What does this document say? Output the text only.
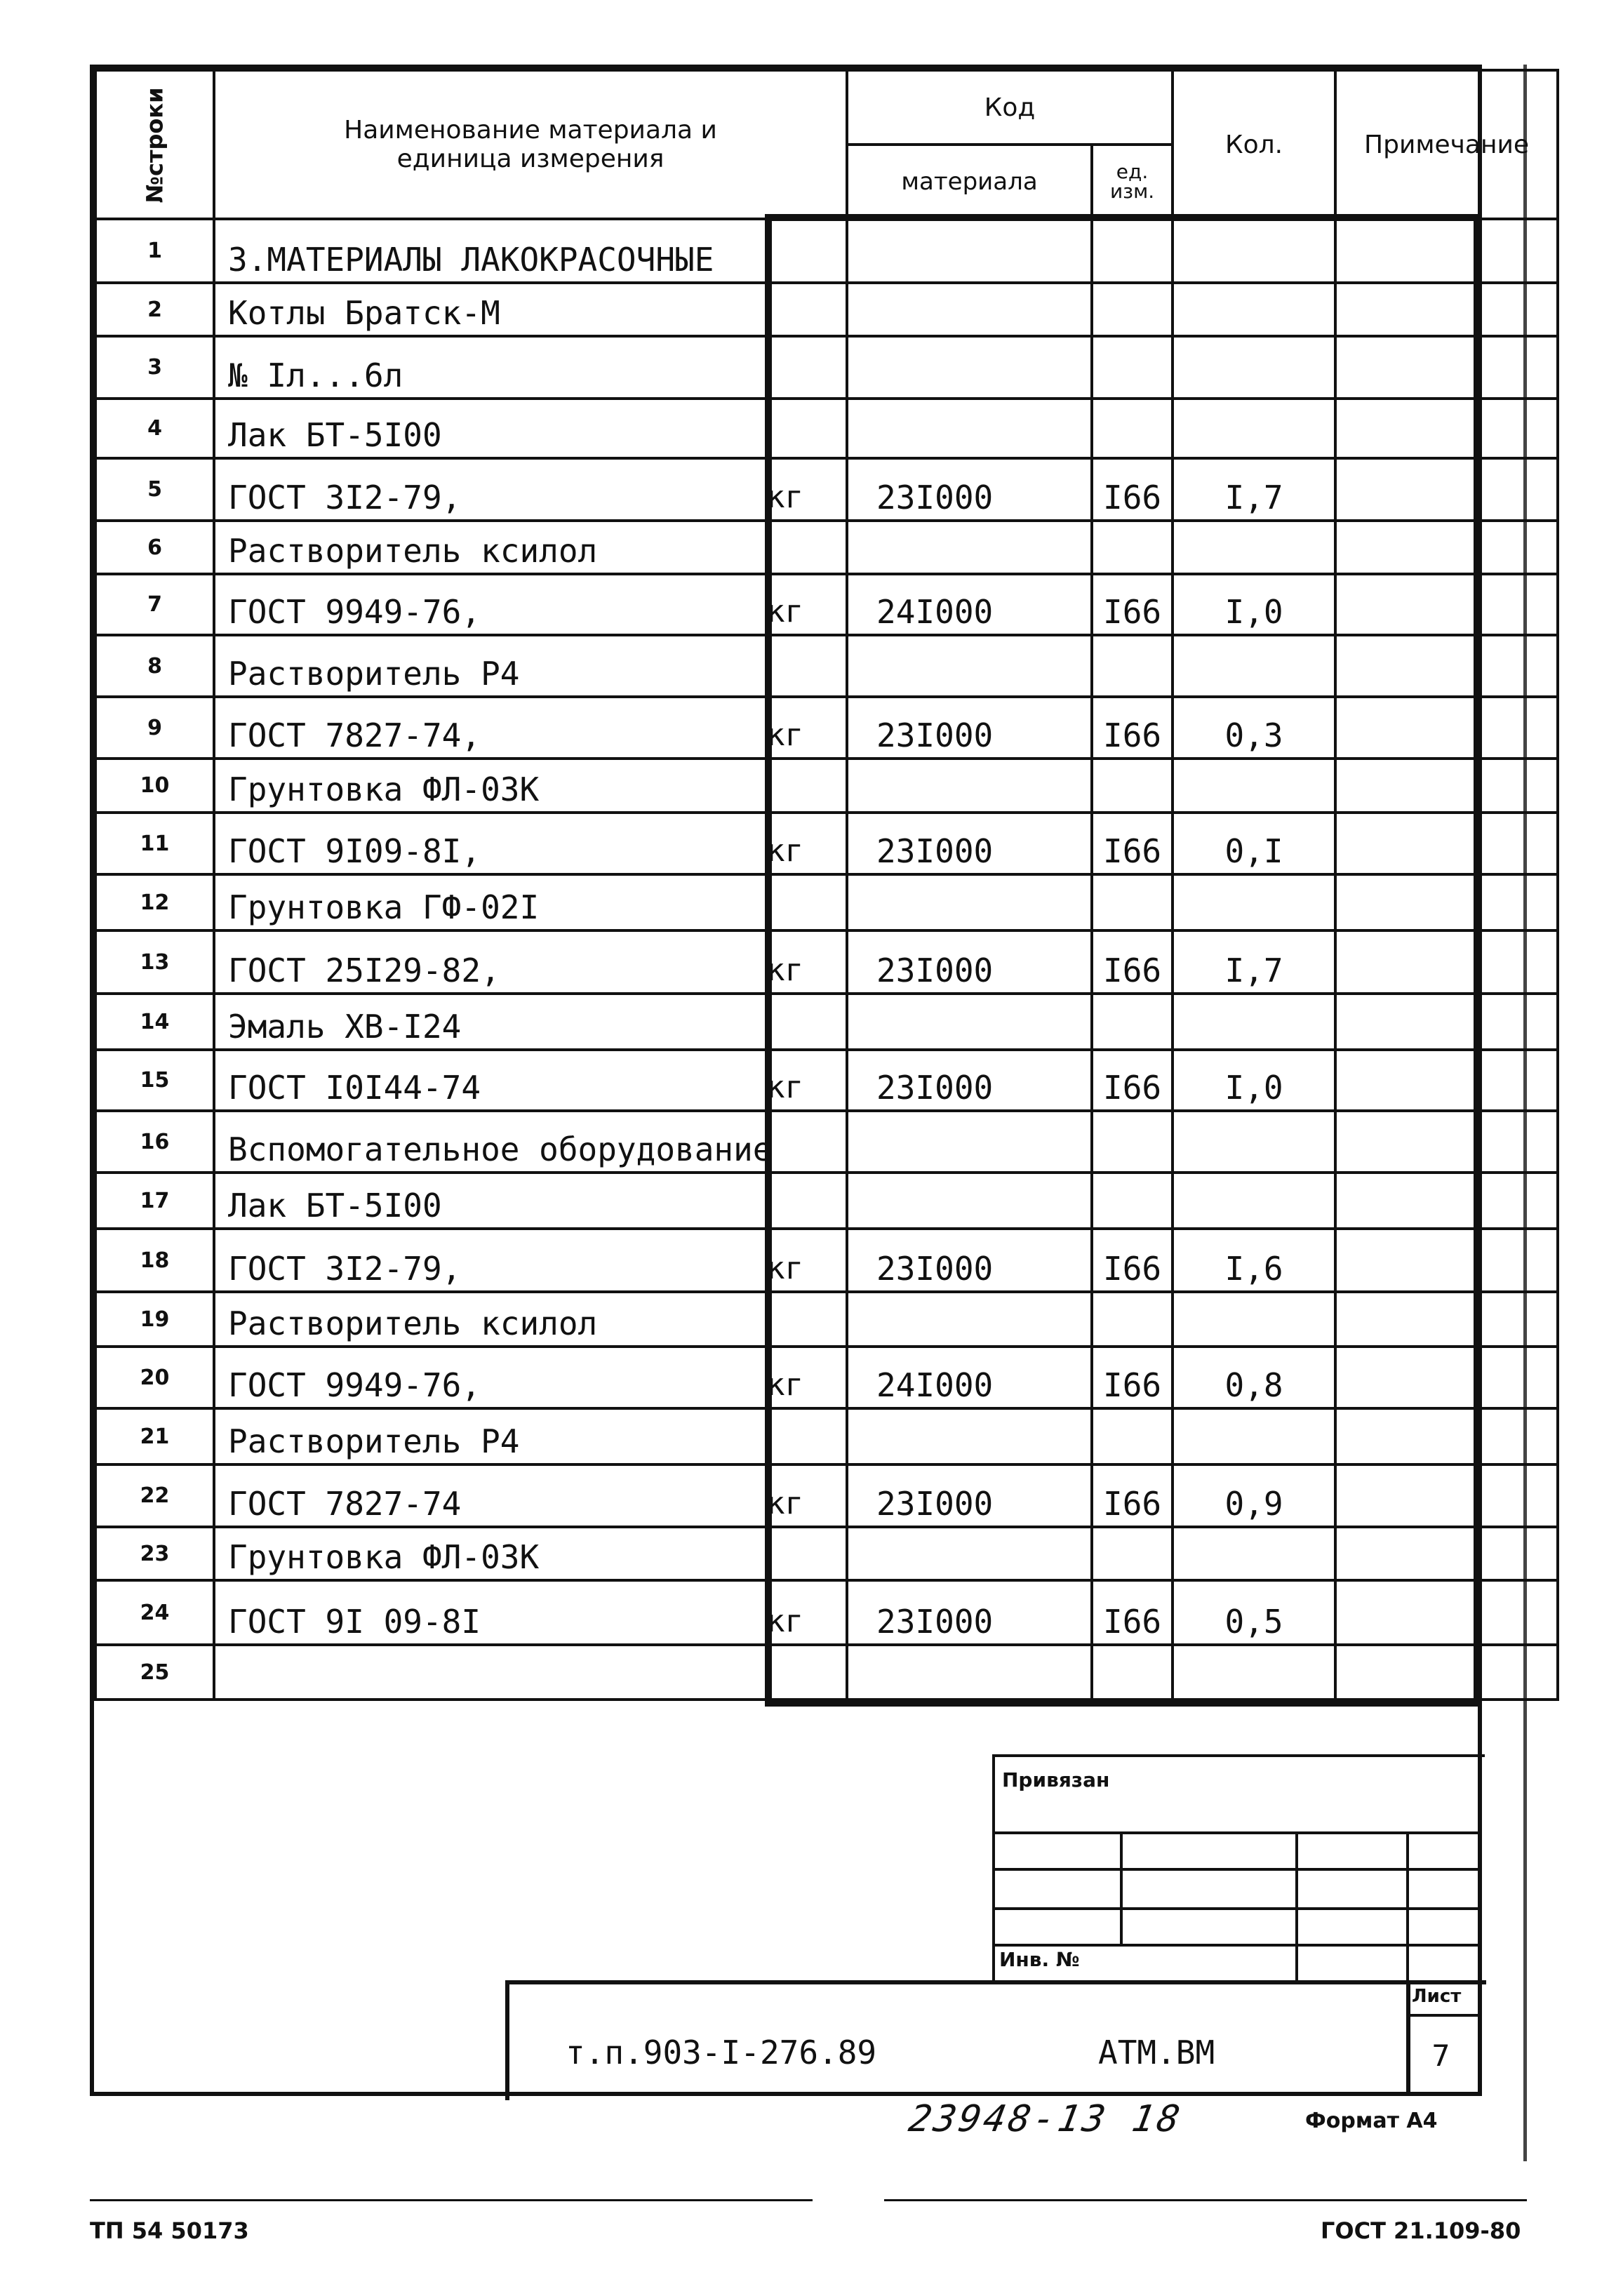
№строки	Наименование материала и
единица измерения	Код		Кол.	Примечание
		материала	ед.
изм.		
1	3.МАТЕРИАЛЫ ЛАКОКРАСОЧНЫЕ

2	Котлы Братск-М

3	№ Iл...6л

4	Лак БТ-5I00

5	ГОСТ 3I2-79, кг	23I000	I66	I,7	
6	Растворитель ксилол

7	ГОСТ 9949-76, кг	24I000	I66	I,0	
8	Растворитель Р4

9	ГОСТ 7827-74, кг	23I000	I66	0,3	
10	Грунтовка ФЛ-03К

11	ГОСТ 9I09-8I, кг	23I000	I66	0,I	
12	Грунтовка ГФ-02I

13	ГОСТ 25I29-82, кг	23I000	I66	I,7	
14	Эмаль ХВ-I24

15	ГОСТ I0I44-74 кг	23I000	I66	I,0	
16	Вспомогательное оборудование

17	Лак БТ-5I00

18	ГОСТ 3I2-79, кг	23I000	I66	I,6	
19	Растворитель ксилол

20	ГОСТ 9949-76, кг	24I000	I66	0,8	
21	Растворитель Р4

22	ГОСТ 7827-74 кг	23I000	I66	0,9	
23	Грунтовка ФЛ-03К

24	ГОСТ 9I 09-8I кг	23I000	I66	0,5	
25	

Привязан
Инв. №
т.п.903-I-276.89	АТМ.ВМ
Лист
7
23948-13 18	Формат А4
ТП 54 50173	ГОСТ 21.109-80
